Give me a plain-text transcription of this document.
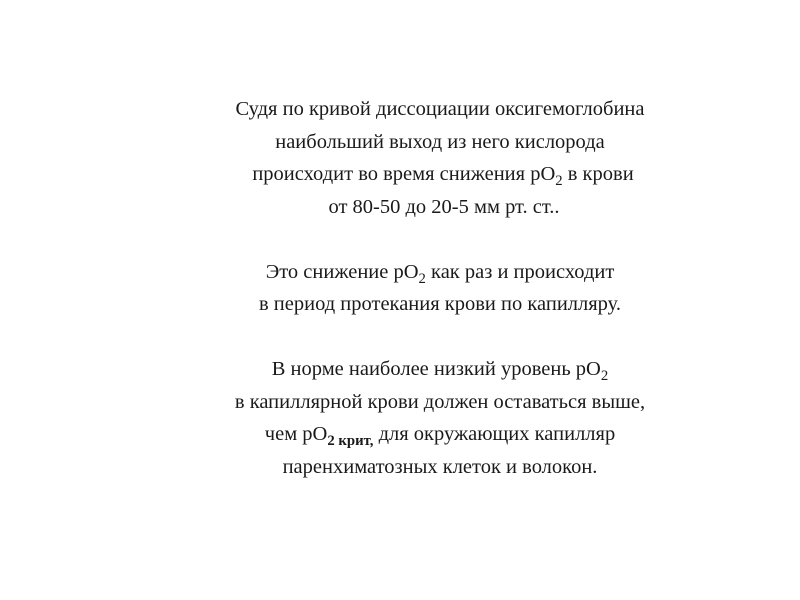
Судя по кривой диссоциации оксигемоглобина
наибольший выход из него кислорода
происходит во время снижения $pO_2$ в крови
от 80-50 до 20-5 мм рт. ст..

Это снижение $pO_2$ как раз и происходит
в период протекания крови по капилляру.

В норме наиболее низкий уровень $pO_2$
в капиллярной крови должен оставаться выше,
чем $pO_{2 крит,}$ для окружающих капилляр
паренхиматозных клеток и волокон.
